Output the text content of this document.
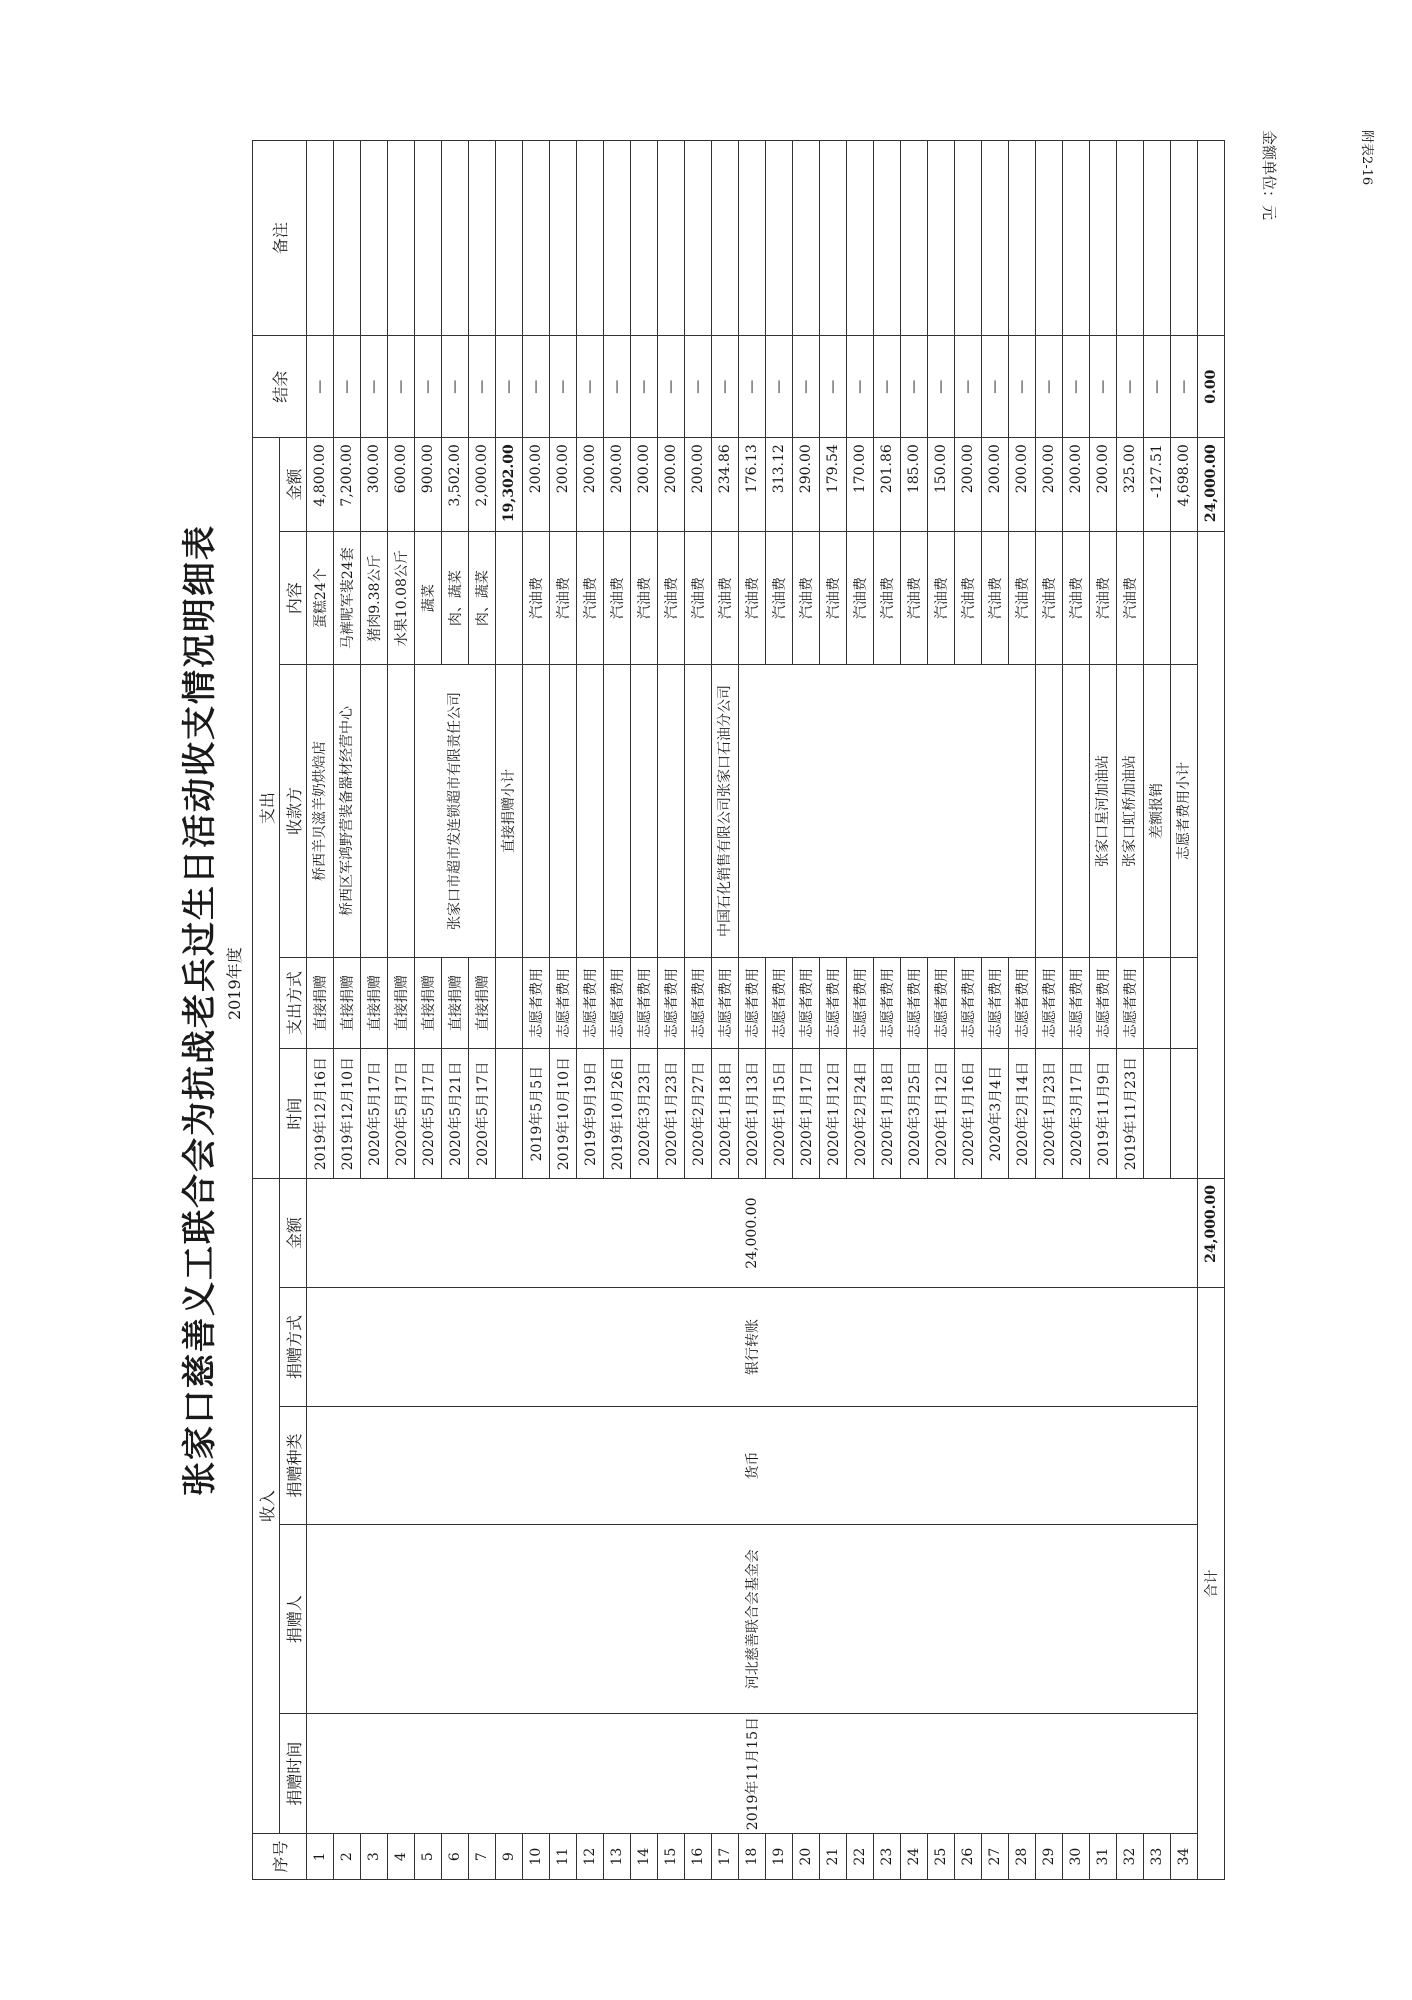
附表2-16
金额单位：元
张家口慈善义工联合会为抗战老兵过生日活动收支情况明细表 2019年度
序号	收入					支出					结余	备注
	捐赠时间	捐赠人	捐赠种类	捐赠方式	金额	时间	支出方式	收款方	内容	金额		
1	2019年11月15日	河北慈善联合会基金会	货币	银行转账	24,000.00	2019年12月16日	直接捐赠	桥西羊贝滋羊奶烘焙店	蛋糕24个	4,800.00	—	
2						2019年12月10日	直接捐赠	桥西区军鸿野营装备器材经营中心	马裤呢军装24套	7,200.00	—	
3						2020年5月17日	直接捐赠		猪肉9.38公斤	300.00	—	
4						2020年5月17日	直接捐赠		水果10.08公斤	600.00	—	
5						2020年5月17日	直接捐赠	张家口市超市发连锁超市有限责任公司	蔬菜	900.00	—	
6						2020年5月21日	直接捐赠		肉、蔬菜	3,502.00	—	
7						2020年5月17日	直接捐赠		肉、蔬菜	2,000.00	—	
9								直接捐赠小计		19,302.00	—	
10						2019年5月5日	志愿者费用		汽油费	200.00	—	
11						2019年10月10日	志愿者费用		汽油费	200.00	—	
12						2019年9月19日	志愿者费用		汽油费	200.00	—	
13						2019年10月26日	志愿者费用		汽油费	200.00	—	
14						2020年3月23日	志愿者费用		汽油费	200.00	—	
15						2020年1月23日	志愿者费用		汽油费	200.00	—	
16						2020年2月27日	志愿者费用		汽油费	200.00	—	
17						2020年1月18日	志愿者费用	中国石化销售有限公司张家口石油分公司	汽油费	234.86	—	
18						2020年1月13日	志愿者费用		汽油费	176.13	—	
19						2020年1月15日	志愿者费用		汽油费	313.12	—	
20						2020年1月17日	志愿者费用		汽油费	290.00	—	
21						2020年1月12日	志愿者费用		汽油费	179.54	—	
22						2020年2月24日	志愿者费用		汽油费	170.00	—	
23						2020年1月18日	志愿者费用		汽油费	201.86	—	
24						2020年3月25日	志愿者费用		汽油费	185.00	—	
25						2020年1月12日	志愿者费用		汽油费	150.00	—	
26						2020年1月16日	志愿者费用		汽油费	200.00	—	
27						2020年3月4日	志愿者费用		汽油费	200.00	—	
28						2020年2月14日	志愿者费用		汽油费	200.00	—	
29						2020年1月23日	志愿者费用		汽油费	200.00	—	
30						2020年3月17日	志愿者费用		汽油费	200.00	—	
31						2019年11月9日	志愿者费用	张家口星河加油站	汽油费	200.00	—	
32						2019年11月23日	志愿者费用	张家口虹桥加油站	汽油费	325.00	—	
33								差额报销		-127.51	—	
34								志愿者费用小计		4,698.00	—	
合计					24,000.00					24,000.00	0.00	
